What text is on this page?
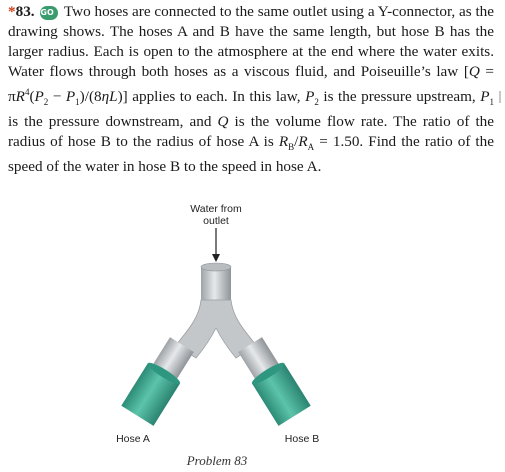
*83. GO Two hoses are connected to the same outlet using a Y-connector, as the drawing shows. The hoses A and B have the same length, but hose B has the larger radius. Each is open to the atmosphere at the end where the water exits. Water flows through both hoses as a viscous fluid, and Poiseuille’s law $[Q = \pi R^4(P_2 - P_1)/(8\eta L)]$ applies to each. In this law, $P_2$ is the pressure upstream, $P_1$ is the pressure downstream, and Q is the volume flow rate. The ratio of the radius of hose B to the radius of hose A is $R_B/R_A = 1.50$. Find the ratio of the speed of the water in hose B to the speed in hose A.
Water from
outlet
Hose A	Hose B
Problem 83
